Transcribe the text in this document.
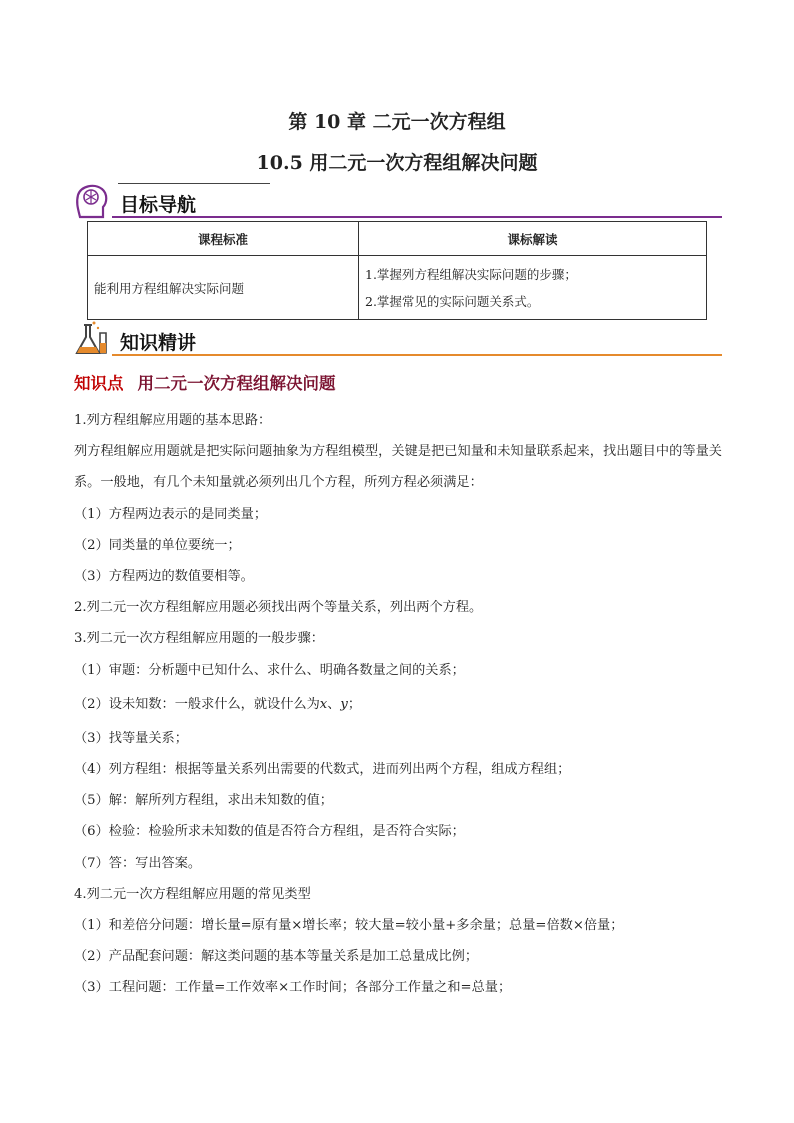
第 10 章 二元一次方程组
10.5 用二元一次方程组解决问题
目标导航
课程标准	课标解读
能利用方程组解决实际问题	1.掌握列方程组解决实际问题的步骤；

2.掌握常见的实际问题关系式。

知识精讲
知识点 用二元一次方程组解决问题

1.列方程组解应用题的基本思路：

列方程组解应用题就是把实际问题抽象为方程组模型，关键是把已知量和未知量联系起来，找出题目中的等量关系。一般地，有几个未知量就必须列出几个方程，所列方程必须满足：

（1）方程两边表示的是同类量；

（2）同类量的单位要统一；

（3）方程两边的数值要相等。

2.列二元一次方程组解应用题必须找出两个等量关系，列出两个方程。

3.列二元一次方程组解应用题的一般步骤：

（1）审题：分析题中已知什么、求什么、明确各数量之间的关系；

（2）设未知数：一般求什么，就设什么为x、y；

（3）找等量关系；

（4）列方程组：根据等量关系列出需要的代数式，进而列出两个方程，组成方程组；

（5）解：解所列方程组，求出未知数的值；

（6）检验：检验所求未知数的值是否符合方程组，是否符合实际；

（7）答：写出答案。

4.列二元一次方程组解应用题的常见类型

（1）和差倍分问题：增长量=原有量×增长率；较大量=较小量+多余量；总量=倍数×倍量；

（2）产品配套问题：解这类问题的基本等量关系是加工总量成比例；

（3）工程问题：工作量=工作效率×工作时间；各部分工作量之和=总量；
